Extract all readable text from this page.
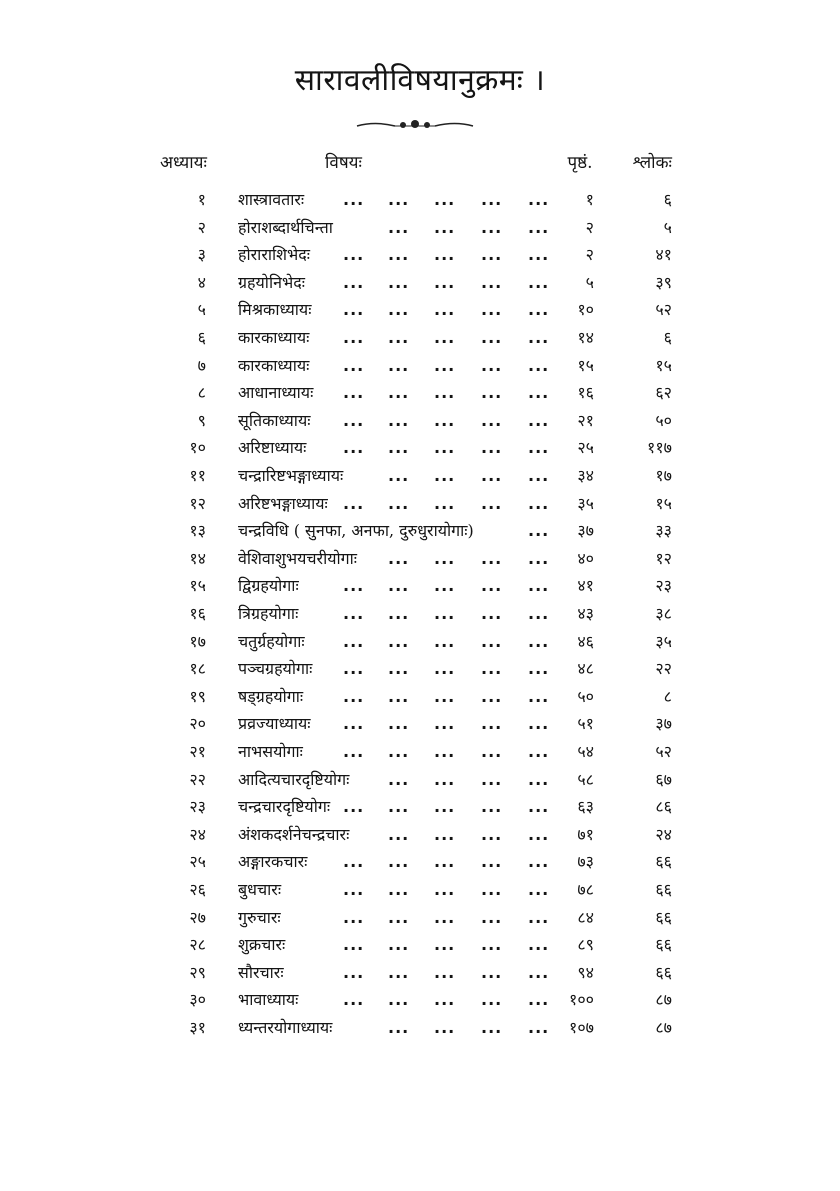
सारावलीविषयानुक्रमः ।
अध्यायः	विषयः	पृष्ठं.	श्लोकः
१ शास्त्रावतारः ... ... ... ... ...	१	६
२ होराशब्दार्थचिन्ता	... ... ... ...	२	५
३ होराराशिभेदः ... ... ... ... ...	२	४१
४ ग्रहयोनिभेदः ... ... ... ... ...	५	३९
५ मिश्रकाध्यायः ... ... ... ... ...	१०	५२
६ कारकाध्यायः ... ... ... ... ...	१४	६
७ कारकाध्यायः ... ... ... ... ...	१५	१५
८ आधानाध्यायः ... ... ... ... ...	१६	६२
९ सूतिकाध्यायः ... ... ... ... ...	२१	५०
१० अरिष्टाध्यायः ... ... ... ... ...	२५	११७
११ चन्द्रारिष्टभङ्गाध्यायः	... ... ... ...	३४	१७
१२ अरिष्टभङ्गाध्यायः ... ... ... ... ...	३५	१५
१३ चन्द्रविधि ( सुनफा, अनफा, दुरुधुरायोगाः)	...	३७	३३
१४ वेशिवाशुभयचरीयोगाः ... ... ... ...	४०	१२
१५ द्विग्रहयोगाः	... ... ... ... ...	४१	२३
१६ त्रिग्रहयोगाः	... ... ... ... ...	४३	३८
१७ चतुर्ग्रहयोगाः ... ... ... ... ...	४६	३५
१८ पञ्चग्रहयोगाः ... ... ... ... ...	४८	२२
१९ षड्ग्रहयोगाः ... ... ... ... ...	५०	८
२० प्रव्रज्याध्यायः ... ... ... ... ...	५१	३७
२१ नाभसयोगाः	... ... ... ... ...	५४	५२
२२ आदित्यचारदृष्टियोगः ... ... ... ...	५८	६७
२३ चन्द्रचारदृष्टियोगः ... ... ... ... ...	६३	८६
२४ अंशकदर्शनेचन्द्रचारः ... ... ... ...	७१	२४
२५ अङ्गारकचारः ... ... ... ... ...	७३	६६
२६ बुधचारः	... ... ... ... ...	७८	६६
२७ गुरुचारः	... ... ... ... ...	८४	६६
२८ शुक्रचारः	... ... ... ... ...	८९	६६
२९ सौरचारः	... ... ... ... ...	९४	६६
३० भावाध्यायः	... ... ... ... ...	१००	८७
३१ ध्यन्तरयोगाध्यायः	... ... ... ...	१०७	८७
